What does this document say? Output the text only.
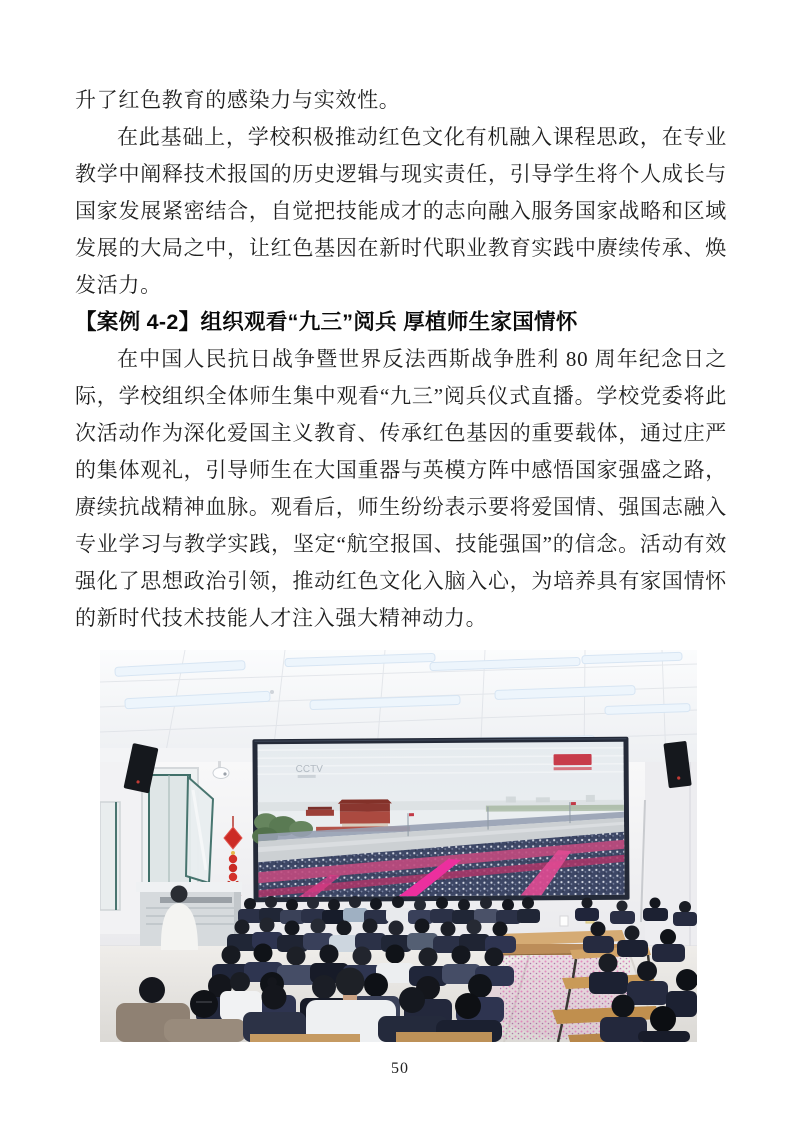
升了红色教育的感染力与实效性。

在此基础上，学校积极推动红色文化有机融入课程思政，在专业教学中阐释技术报国的历史逻辑与现实责任，引导学生将个人成长与国家发展紧密结合，自觉把技能成才的志向融入服务国家战略和区域发展的大局之中，让红色基因在新时代职业教育实践中赓续传承、焕发活力。

【案例 4-2】组织观看“九三”阅兵 厚植师生家国情怀

在中国人民抗日战争暨世界反法西斯战争胜利 80 周年纪念日之际，学校组织全体师生集中观看“九三”阅兵仪式直播。学校党委将此次活动作为深化爱国主义教育、传承红色基因的重要载体，通过庄严的集体观礼，引导师生在大国重器与英模方阵中感悟国家强盛之路，赓续抗战精神血脉。观看后，师生纷纷表示要将爱国情、强国志融入专业学习与教学实践，坚定“航空报国、技能强国”的信念。活动有效强化了思想政治引领，推动红色文化入脑入心，为培养具有家国情怀的新时代技术技能人才注入强大精神动力。

CCTV
50
